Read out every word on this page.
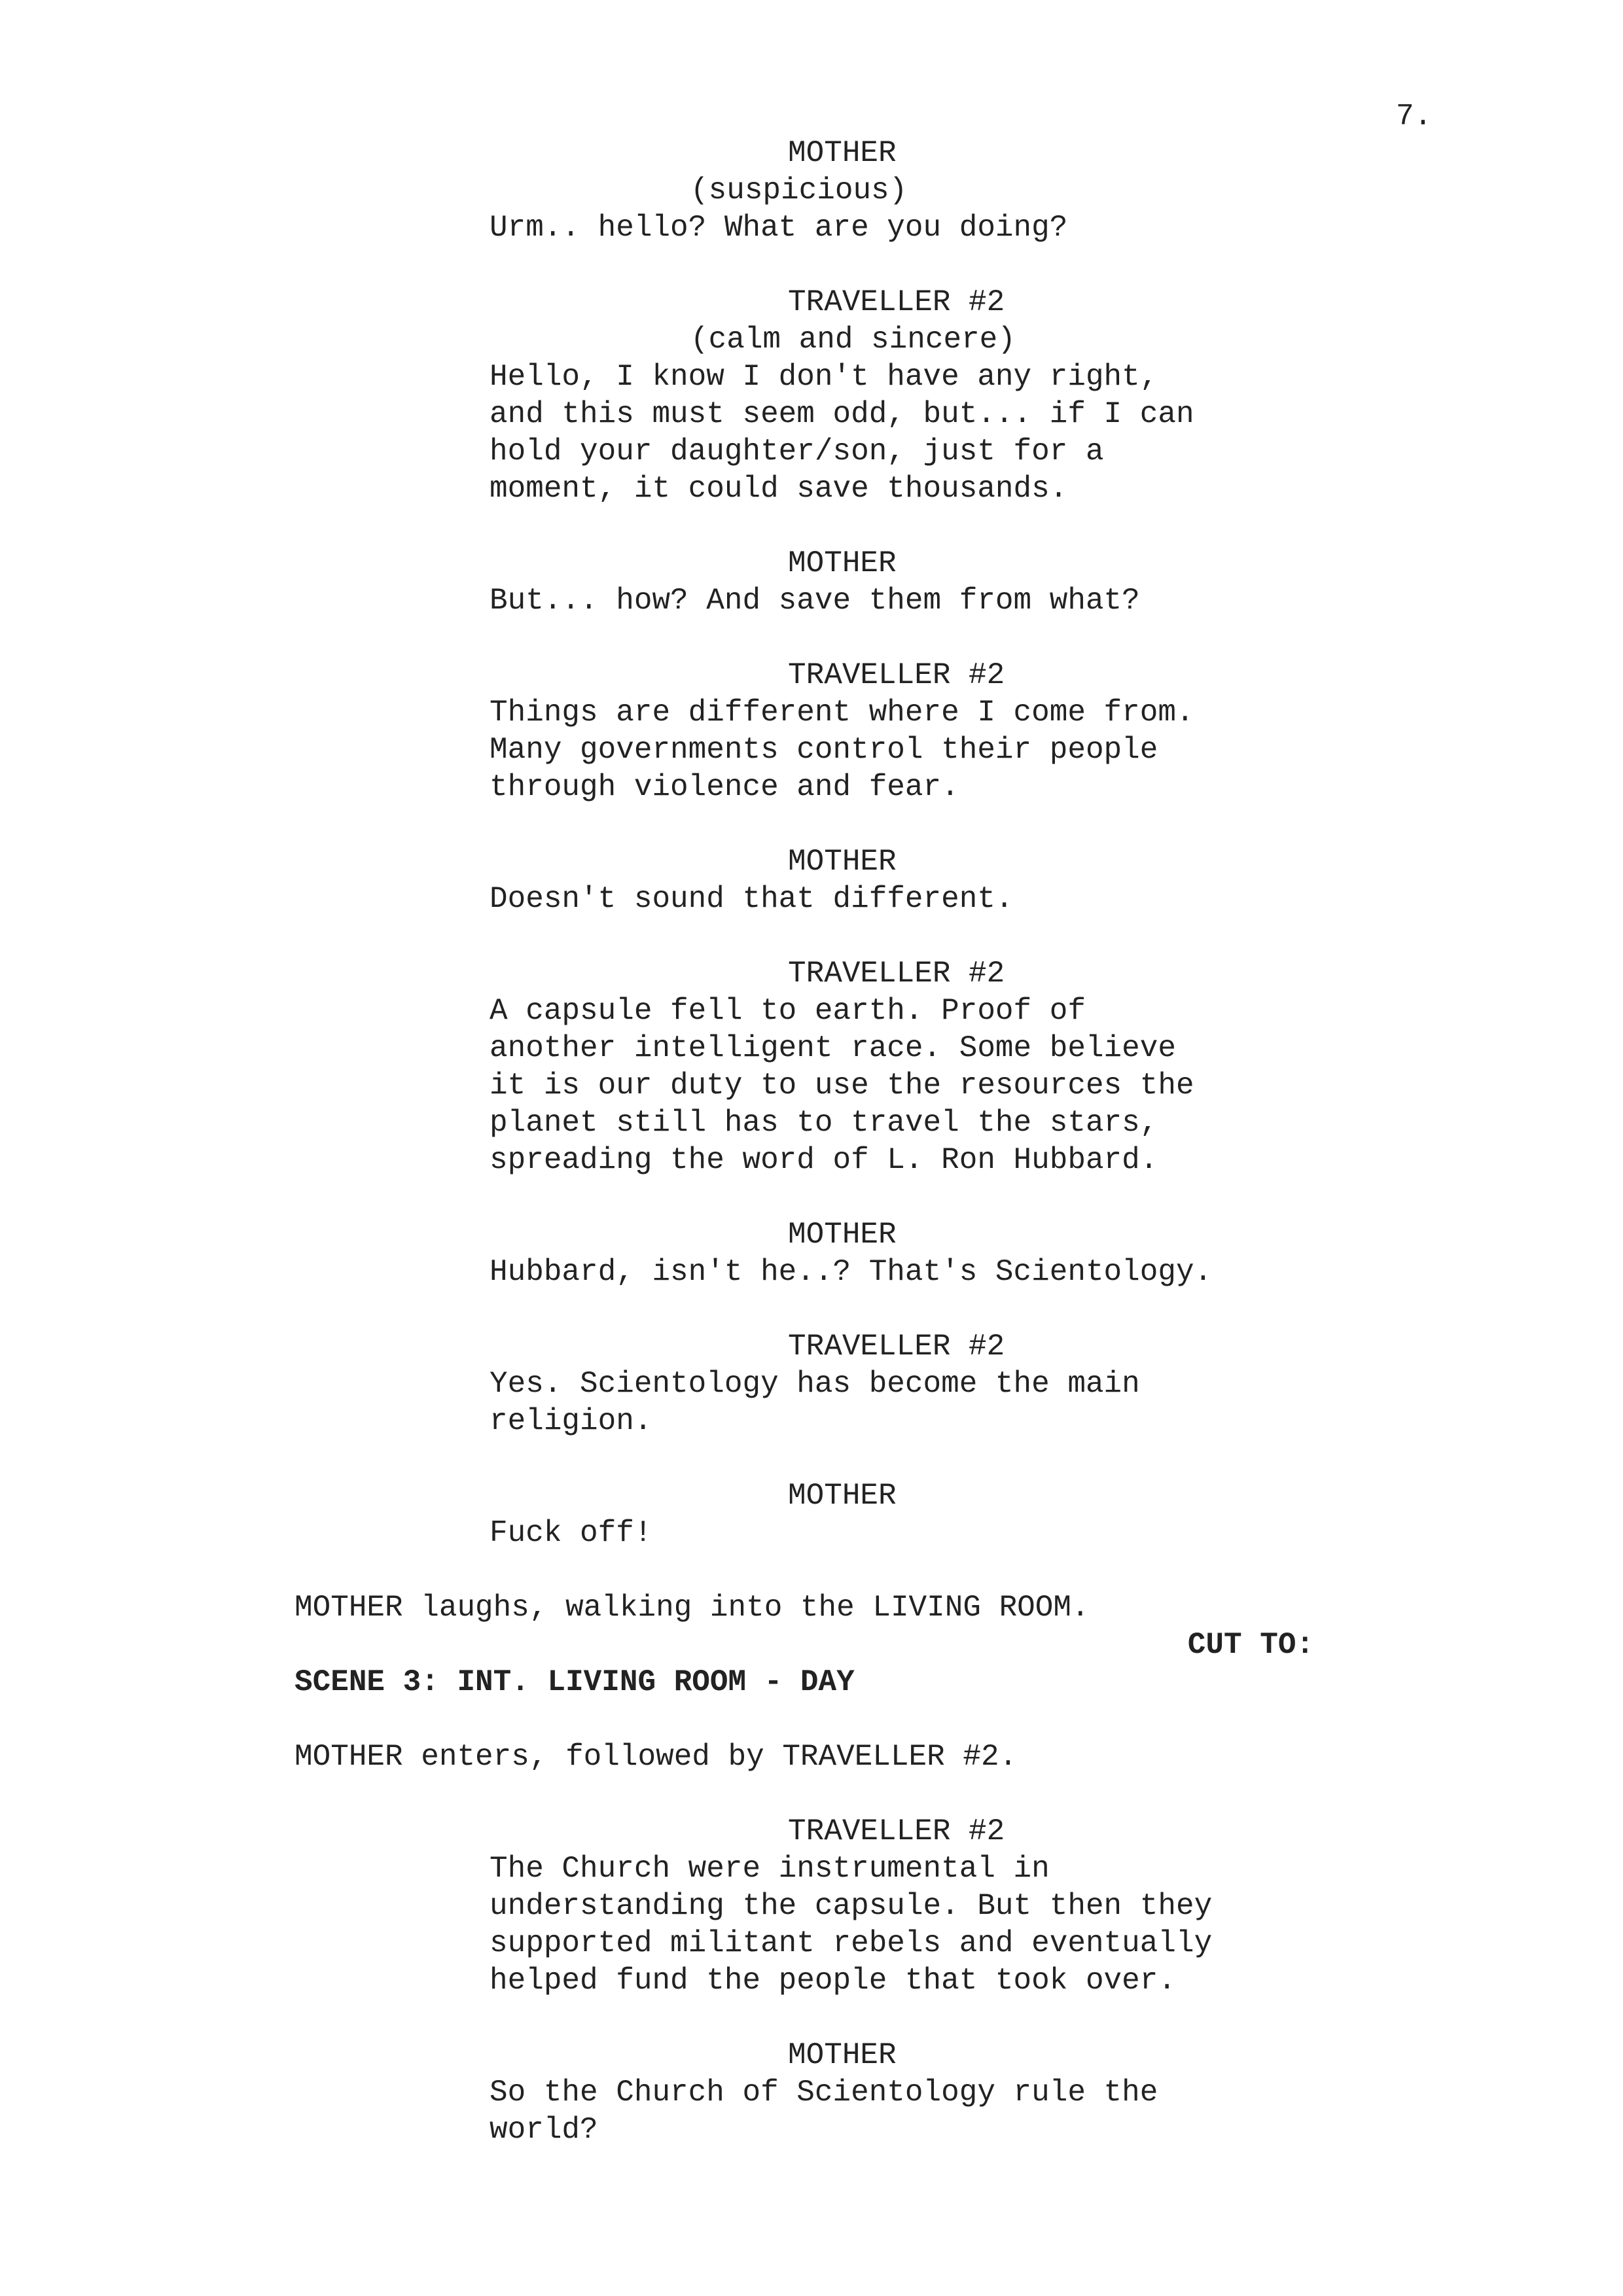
7.
MOTHER
(suspicious)
Urm.. hello? What are you doing?
TRAVELLER #2
(calm and sincere)
Hello, I know I don't have any right,
and this must seem odd, but... if I can
hold your daughter/son, just for a
moment, it could save thousands.
MOTHER
But... how? And save them from what?
TRAVELLER #2
Things are different where I come from.
Many governments control their people
through violence and fear.
MOTHER
Doesn't sound that different.
TRAVELLER #2
A capsule fell to earth. Proof of
another intelligent race. Some believe
it is our duty to use the resources the
planet still has to travel the stars,
spreading the word of L. Ron Hubbard.
MOTHER
Hubbard, isn't he..? That's Scientology.
TRAVELLER #2
Yes. Scientology has become the main
religion.
MOTHER
Fuck off!
MOTHER laughs, walking into the LIVING ROOM.
CUT TO:
SCENE 3: INT. LIVING ROOM - DAY
MOTHER enters, followed by TRAVELLER #2.
TRAVELLER #2
The Church were instrumental in
understanding the capsule. But then they
supported militant rebels and eventually
helped fund the people that took over.
MOTHER
So the Church of Scientology rule the
world?
